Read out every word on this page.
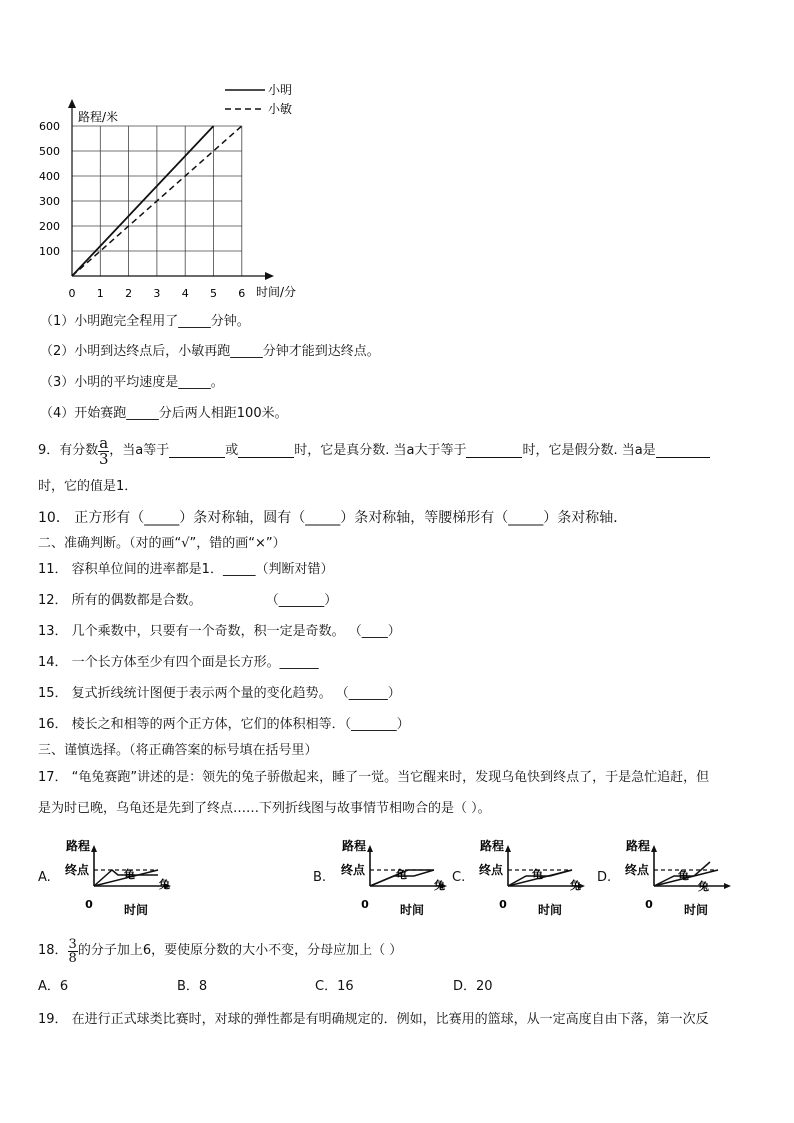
0 1 2 3 4 5 6
100
200
300
400
500
600
路程/米
时间/分
小明
小敏
（1）小明跑完全程用了_____分钟。
（2）小明到达终点后，小敏再跑_____分钟才能到达终点。
（3）小明的平均速度是_____。
（4）开始赛跑_____分后两人相距100米。
9．有分数 $\frac{a}{3}$ ，当a等于	或	时，它是真分数. 当a大于等于	时，它是假分数. 当a是
时，它的值是1．
10． 正方形有（_____）条对称轴，圆有（_____）条对称轴，等腰梯形有（_____）条对称轴．
二、准确判断。（对的画“√”，错的画“×”）
11． 容积单位间的进率都是1．_____（判断对错）
12． 所有的偶数都是合数。	（_______）
13． 几个乘数中，只要有一个奇数，积一定是奇数。 （____）
14． 一个长方体至少有四个面是长方形。______
15． 复式折线统计图便于表示两个量的变化趋势。 （______）
16． 棱长之和相等的两个正方体，它们的体积相等．（_______）
三、谨慎选择。（将正确答案的标号填在括号里）
17． “龟兔赛跑”讲述的是：领先的兔子骄傲起来，睡了一觉。当它醒来时，发现乌龟快到终点了，于是急忙追赶，但
是为时已晚，乌龟还是先到了终点……下列折线图与故事情节相吻合的是（ ）。
A.	B.	C.	D.
路程
终点
0	时间
龟
兔
路程
终点
0	时间
龟
兔
路程
终点
0	时间
龟
兔
路程
终点
0	时间
龟
兔
18． $\frac{3}{8}$ 的分子加上6，要使原分数的大小不变，分母应加上（ ）
A．6	B．8	C．16	D．20
19． 在进行正式球类比赛时，对球的弹性都是有明确规定的．例如，比赛用的篮球，从一定高度自由下落，第一次反
